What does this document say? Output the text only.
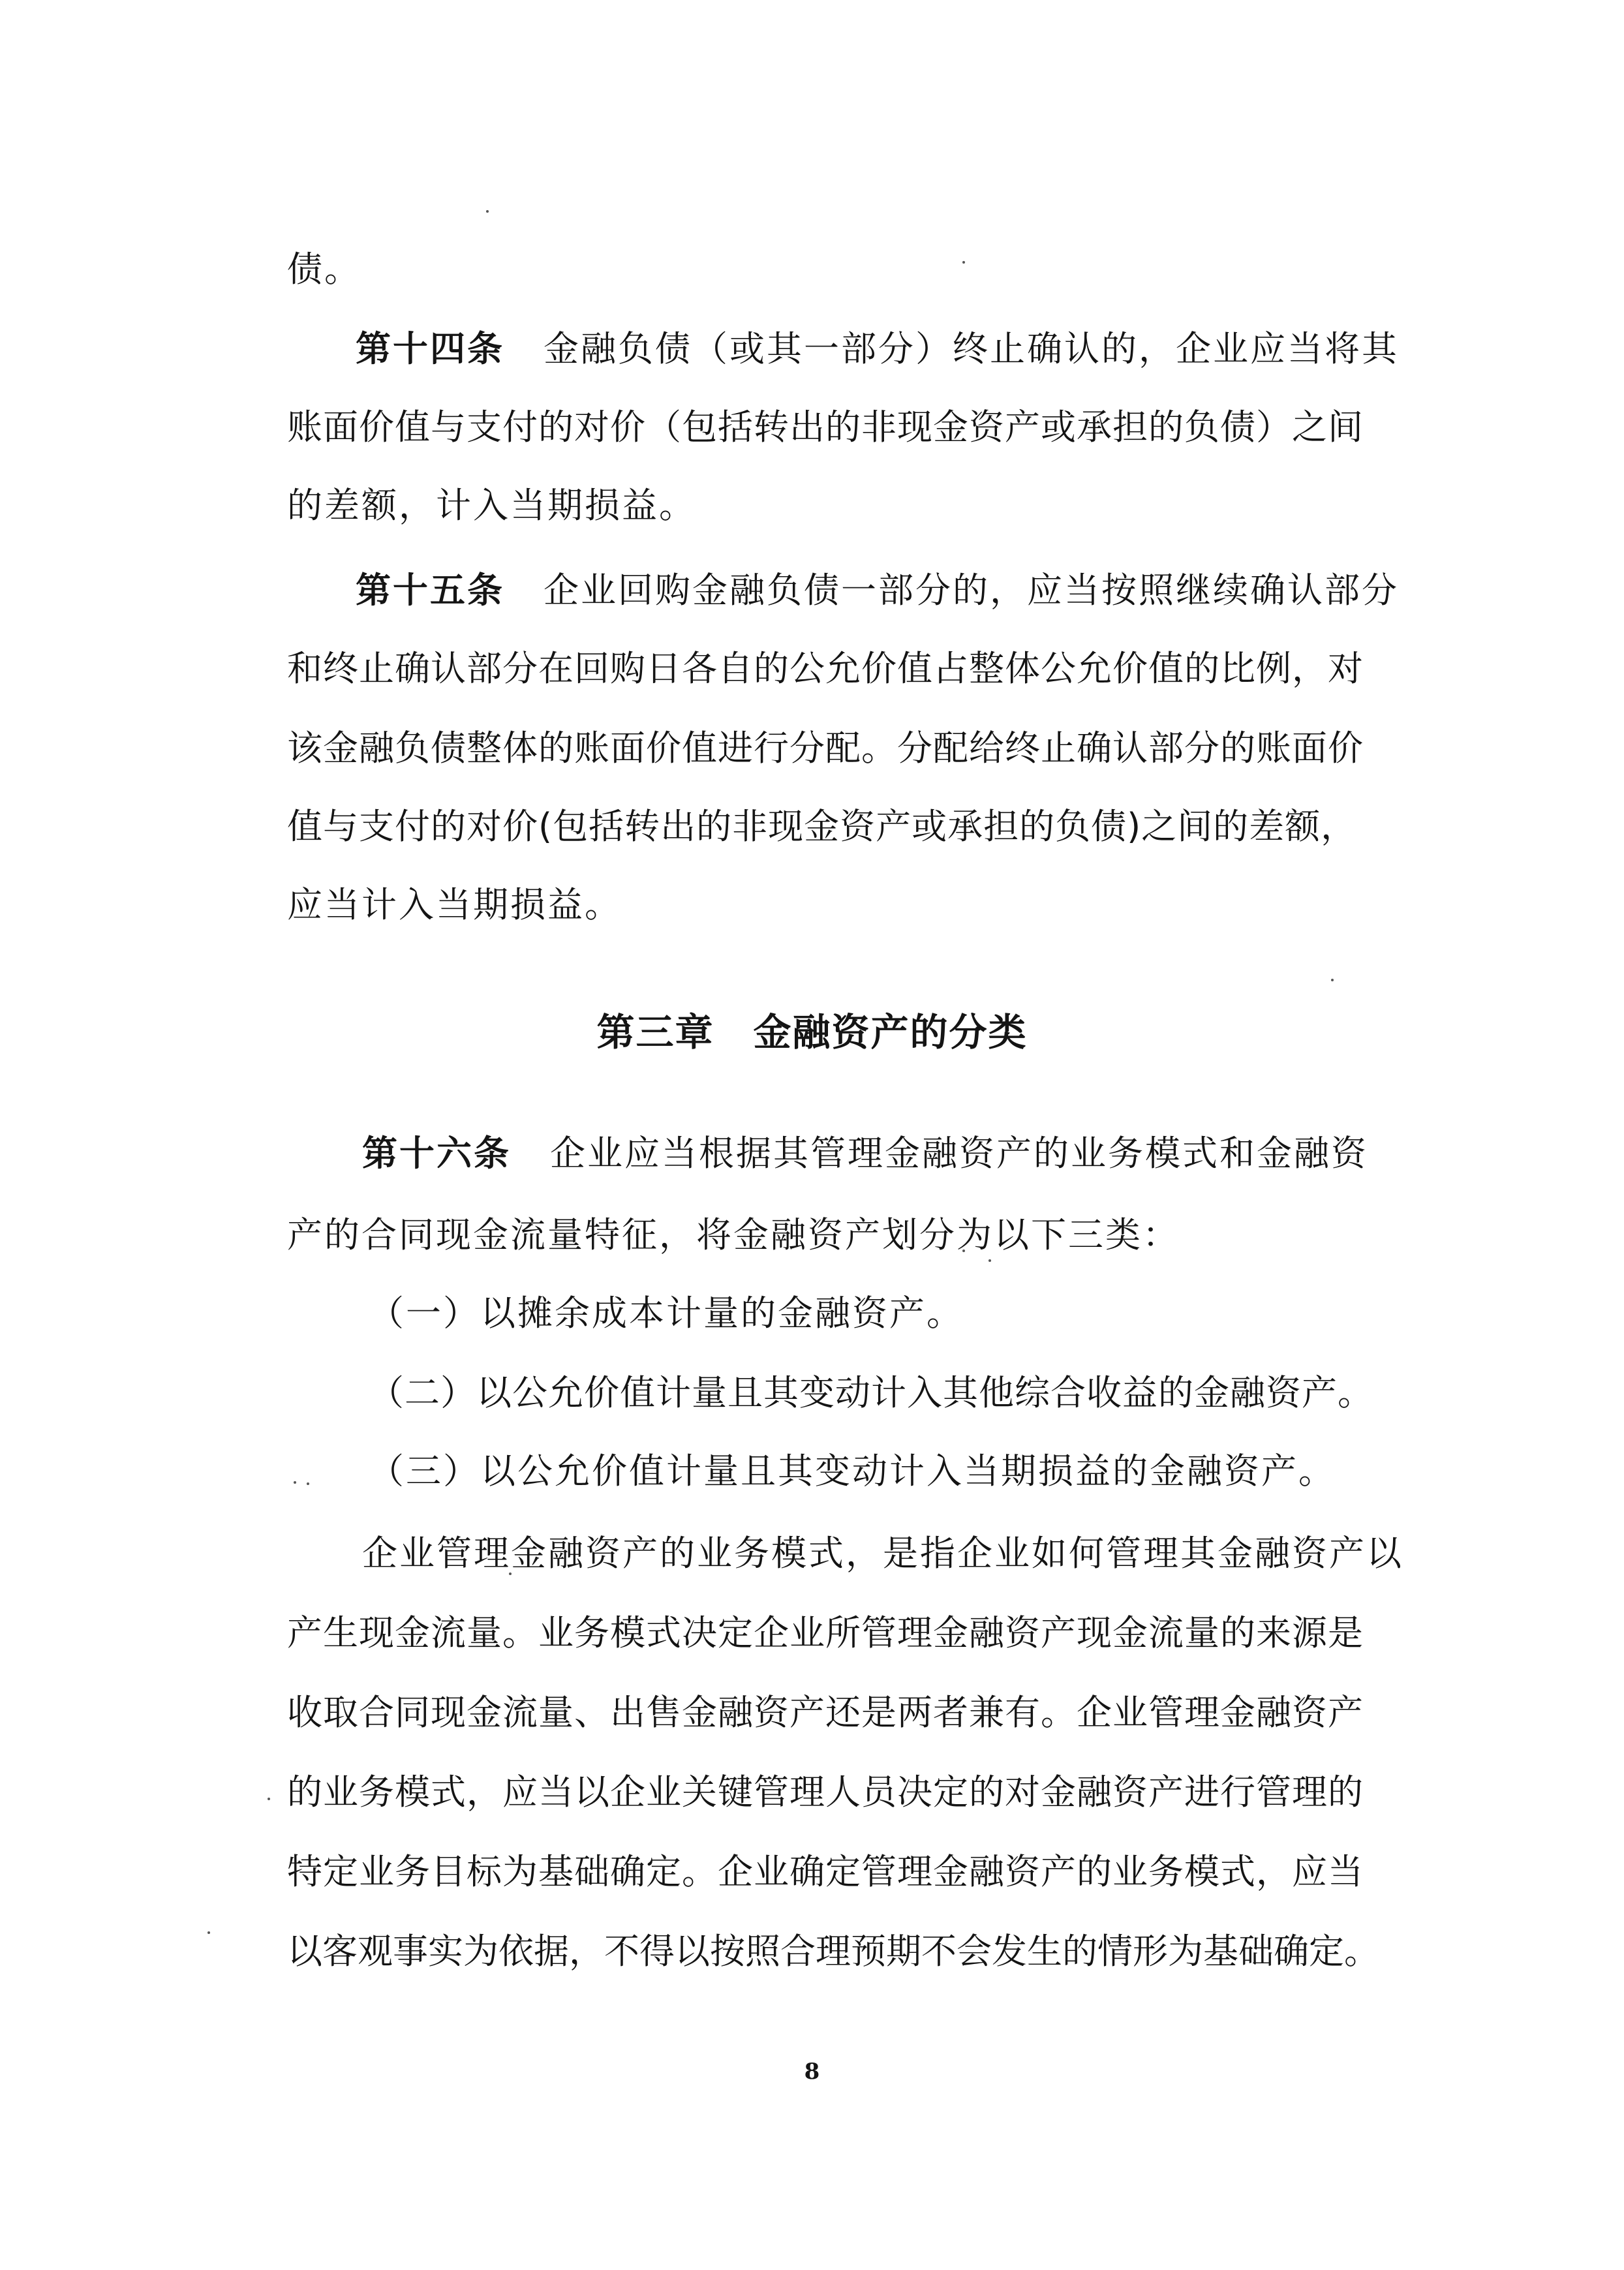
债。
第十四条 金融负债（或其一部分）终止确认的，企业应当将其
账面价值与支付的对价（包括转出的非现金资产或承担的负债）之间
的差额，计入当期损益。
第十五条 企业回购金融负债一部分的，应当按照继续确认部分
和终止确认部分在回购日各自的公允价值占整体公允价值的比例，对
该金融负债整体的账面价值进行分配。分配给终止确认部分的账面价
值与支付的对价(包括转出的非现金资产或承担的负债)之间的差额，
应当计入当期损益。
第三章 金融资产的分类
第十六条 企业应当根据其管理金融资产的业务模式和金融资
产的合同现金流量特征，将金融资产划分为以下三类：
（一）以摊余成本计量的金融资产。
（二）以公允价值计量且其变动计入其他综合收益的金融资产。
（三）以公允价值计量且其变动计入当期损益的金融资产。
企业管理金融资产的业务模式，是指企业如何管理其金融资产以
产生现金流量。业务模式决定企业所管理金融资产现金流量的来源是
收取合同现金流量、出售金融资产还是两者兼有。企业管理金融资产
的业务模式，应当以企业关键管理人员决定的对金融资产进行管理的
特定业务目标为基础确定。企业确定管理金融资产的业务模式，应当
以客观事实为依据，不得以按照合理预期不会发生的情形为基础确定。
8
